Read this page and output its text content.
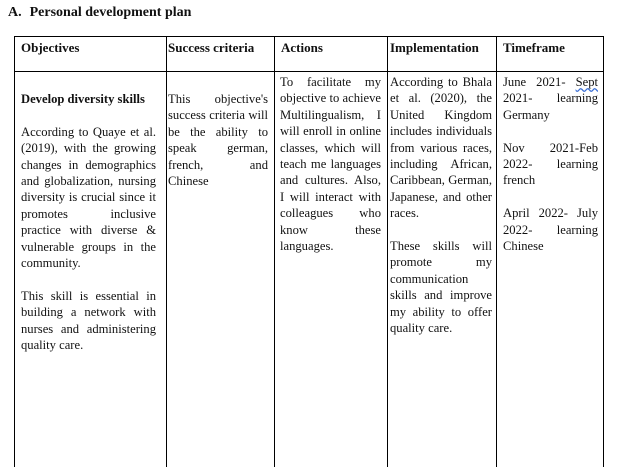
A. Personal development plan
Objectives	Success criteria Actions	Implementation Timeframe

Develop diversity skills

According to Quaye et al. (2019), with the growing changes in demographics and globalization, nursing diversity is crucial since it promotes inclusive practice with diverse & vulnerable groups in the community.

This skill is essential in building a network with nurses and administering quality care.

This objective's success criteria will be the ability to speak german, french, and Chinese
To facilitate my objective to achieve Multilingualism, I will enroll in online classes, which will teach me languages and cultures. Also, I will interact with colleagues who know these languages.

According to Bhala et al. (2020), the United Kingdom includes individuals from various races, including African, Caribbean, German, Japanese, and other races.

These skills will promote my communication skills and improve my ability to offer quality care.

June 2021- Sept 2021- learning Germany

Nov 2021-Feb 2022- learning french

April 2022- July 2022- learning Chinese
